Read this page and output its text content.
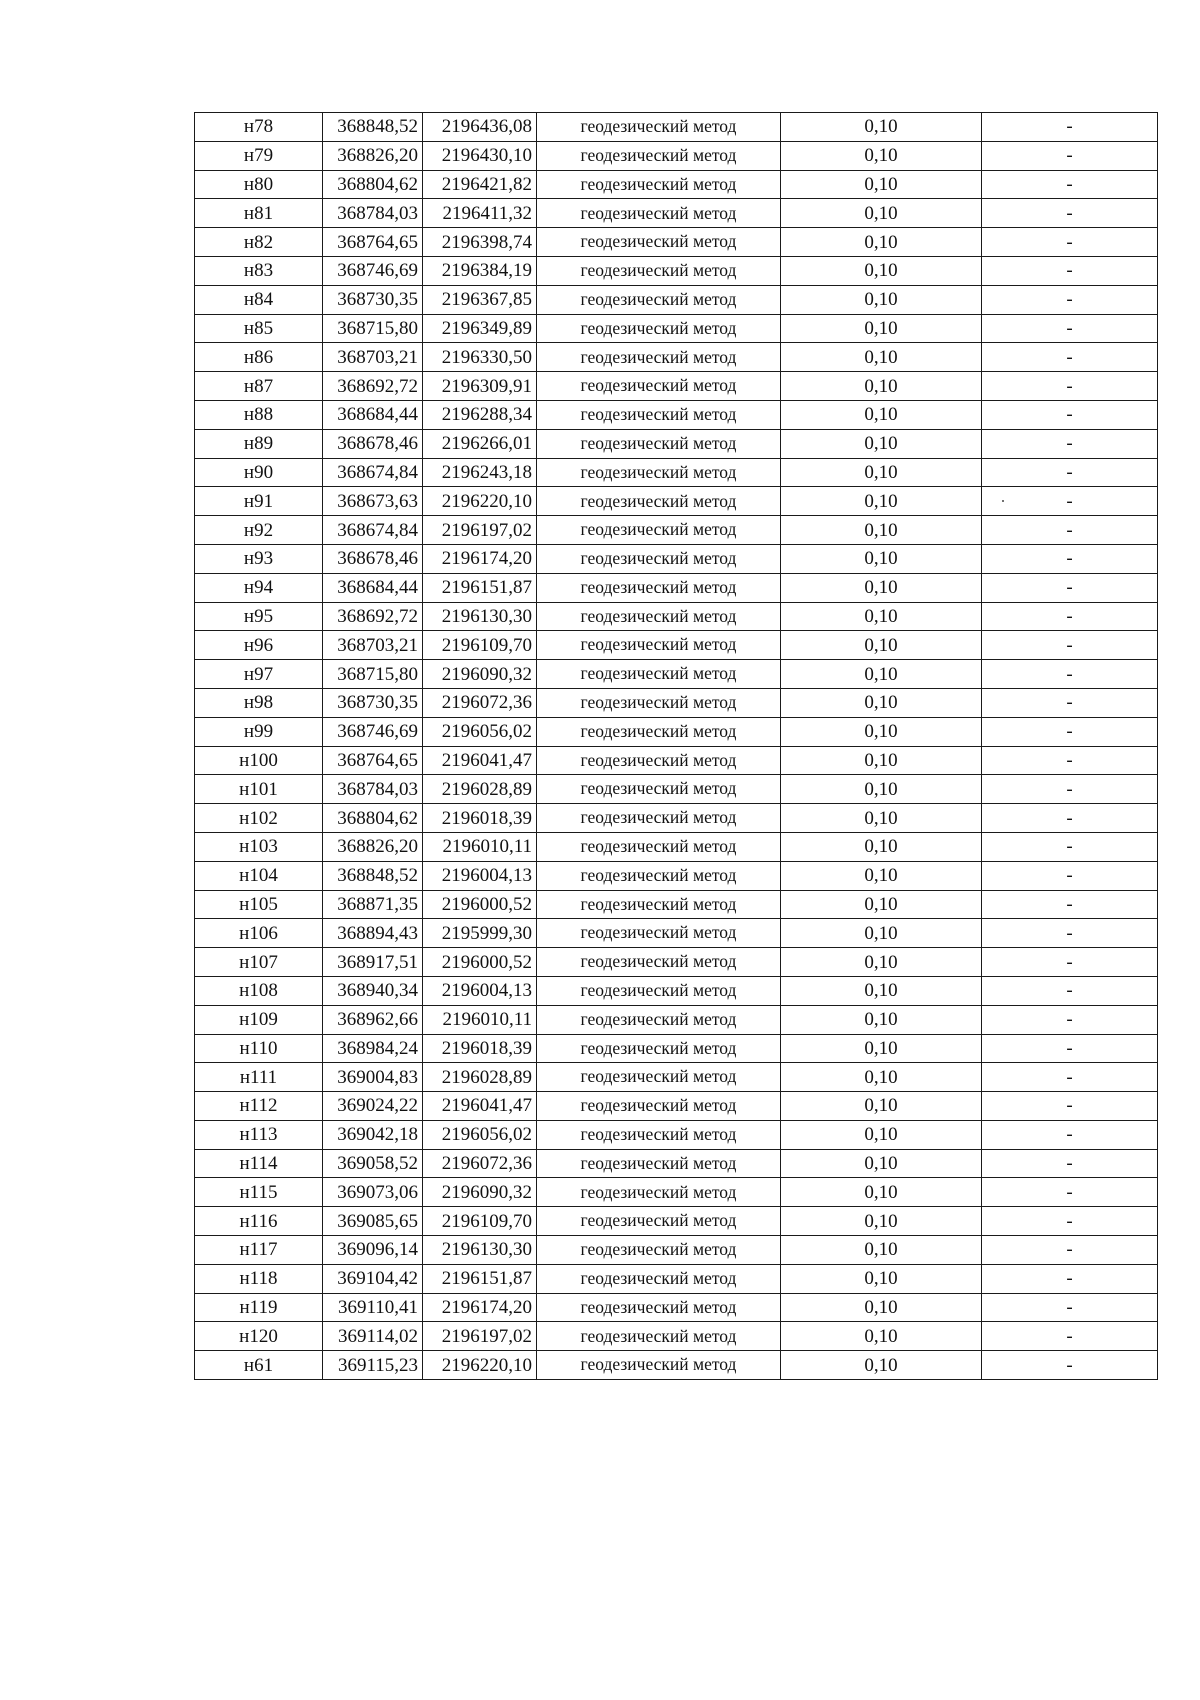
н78	368848,52	2196436,08	геодезический метод	0,10	-
н79	368826,20	2196430,10	геодезический метод	0,10	-
н80	368804,62	2196421,82	геодезический метод	0,10	-
н81	368784,03	2196411,32	геодезический метод	0,10	-
н82	368764,65	2196398,74	геодезический метод	0,10	-
н83	368746,69	2196384,19	геодезический метод	0,10	-
н84	368730,35	2196367,85	геодезический метод	0,10	-
н85	368715,80	2196349,89	геодезический метод	0,10	-
н86	368703,21	2196330,50	геодезический метод	0,10	-
н87	368692,72	2196309,91	геодезический метод	0,10	-
н88	368684,44	2196288,34	геодезический метод	0,10	-
н89	368678,46	2196266,01	геодезический метод	0,10	-
н90	368674,84	2196243,18	геодезический метод	0,10	-
н91	368673,63	2196220,10	геодезический метод	0,10	-
н92	368674,84	2196197,02	геодезический метод	0,10	-
н93	368678,46	2196174,20	геодезический метод	0,10	-
н94	368684,44	2196151,87	геодезический метод	0,10	-
н95	368692,72	2196130,30	геодезический метод	0,10	-
н96	368703,21	2196109,70	геодезический метод	0,10	-
н97	368715,80	2196090,32	геодезический метод	0,10	-
н98	368730,35	2196072,36	геодезический метод	0,10	-
н99	368746,69	2196056,02	геодезический метод	0,10	-
н100	368764,65	2196041,47	геодезический метод	0,10	-
н101	368784,03	2196028,89	геодезический метод	0,10	-
н102	368804,62	2196018,39	геодезический метод	0,10	-
н103	368826,20	2196010,11	геодезический метод	0,10	-
н104	368848,52	2196004,13	геодезический метод	0,10	-
н105	368871,35	2196000,52	геодезический метод	0,10	-
н106	368894,43	2195999,30	геодезический метод	0,10	-
н107	368917,51	2196000,52	геодезический метод	0,10	-
н108	368940,34	2196004,13	геодезический метод	0,10	-
н109	368962,66	2196010,11	геодезический метод	0,10	-
н110	368984,24	2196018,39	геодезический метод	0,10	-
н111	369004,83	2196028,89	геодезический метод	0,10	-
н112	369024,22	2196041,47	геодезический метод	0,10	-
н113	369042,18	2196056,02	геодезический метод	0,10	-
н114	369058,52	2196072,36	геодезический метод	0,10	-
н115	369073,06	2196090,32	геодезический метод	0,10	-
н116	369085,65	2196109,70	геодезический метод	0,10	-
н117	369096,14	2196130,30	геодезический метод	0,10	-
н118	369104,42	2196151,87	геодезический метод	0,10	-
н119	369110,41	2196174,20	геодезический метод	0,10	-
н120	369114,02	2196197,02	геодезический метод	0,10	-
н61	369115,23	2196220,10	геодезический метод	0,10	-
